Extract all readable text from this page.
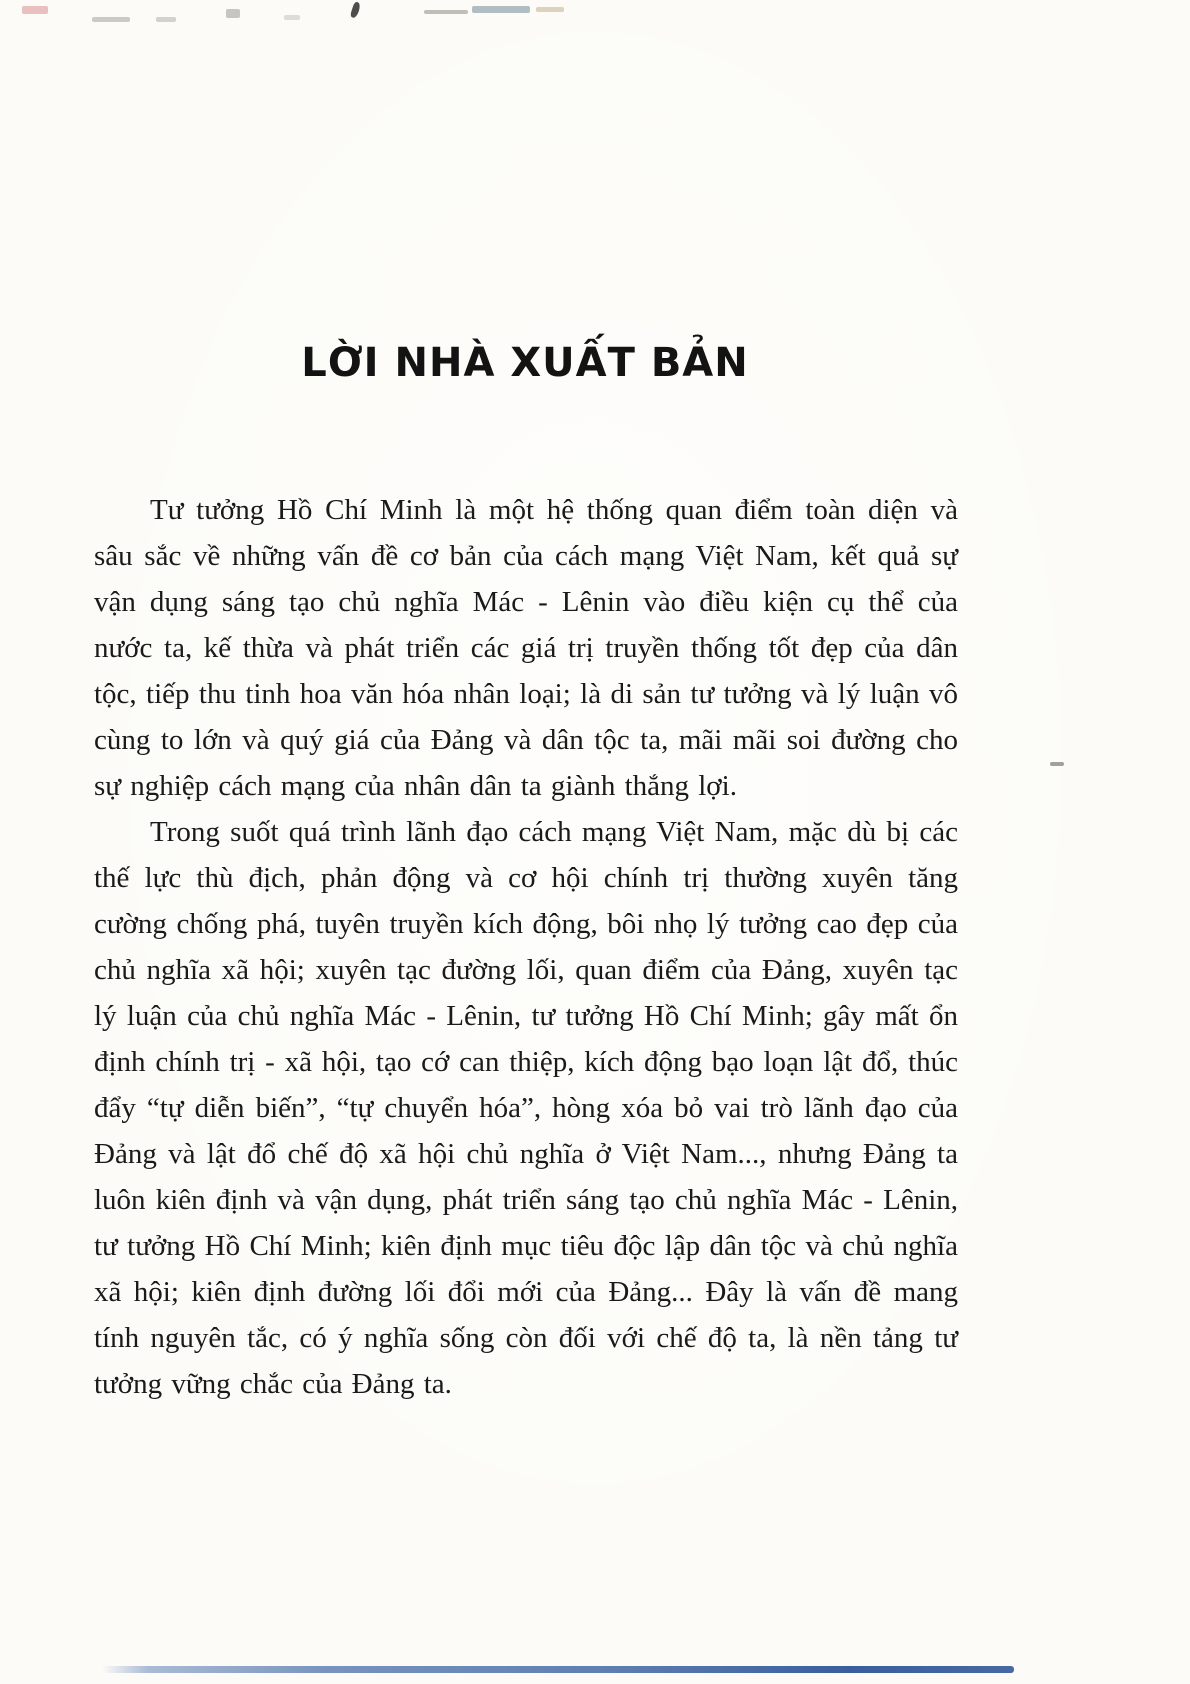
LỜI NHÀ XUẤT BẢN

Tư tưởng Hồ Chí Minh là một hệ thống quan điểm toàn diện và sâu sắc về những vấn đề cơ bản của cách mạng Việt Nam, kết quả sự vận dụng sáng tạo chủ nghĩa Mác - Lênin vào điều kiện cụ thể của nước ta, kế thừa và phát triển các giá trị truyền thống tốt đẹp của dân tộc, tiếp thu tinh hoa văn hóa nhân loại; là di sản tư tưởng và lý luận vô cùng to lớn và quý giá của Đảng và dân tộc ta, mãi mãi soi đường cho sự nghiệp cách mạng của nhân dân ta giành thắng lợi.

Trong suốt quá trình lãnh đạo cách mạng Việt Nam, mặc dù bị các thế lực thù địch, phản động và cơ hội chính trị thường xuyên tăng cường chống phá, tuyên truyền kích động, bôi nhọ lý tưởng cao đẹp của chủ nghĩa xã hội; xuyên tạc đường lối, quan điểm của Đảng, xuyên tạc lý luận của chủ nghĩa Mác - Lênin, tư tưởng Hồ Chí Minh; gây mất ổn định chính trị - xã hội, tạo cớ can thiệp, kích động bạo loạn lật đổ, thúc đẩy “tự diễn biến”, “tự chuyển hóa”, hòng xóa bỏ vai trò lãnh đạo của Đảng và lật đổ chế độ xã hội chủ nghĩa ở Việt Nam..., nhưng Đảng ta luôn kiên định và vận dụng, phát triển sáng tạo chủ nghĩa Mác - Lênin, tư tưởng Hồ Chí Minh; kiên định mục tiêu độc lập dân tộc và chủ nghĩa xã hội; kiên định đường lối đổi mới của Đảng... Đây là vấn đề mang tính nguyên tắc, có ý nghĩa sống còn đối với chế độ ta, là nền tảng tư tưởng vững chắc của Đảng ta.
